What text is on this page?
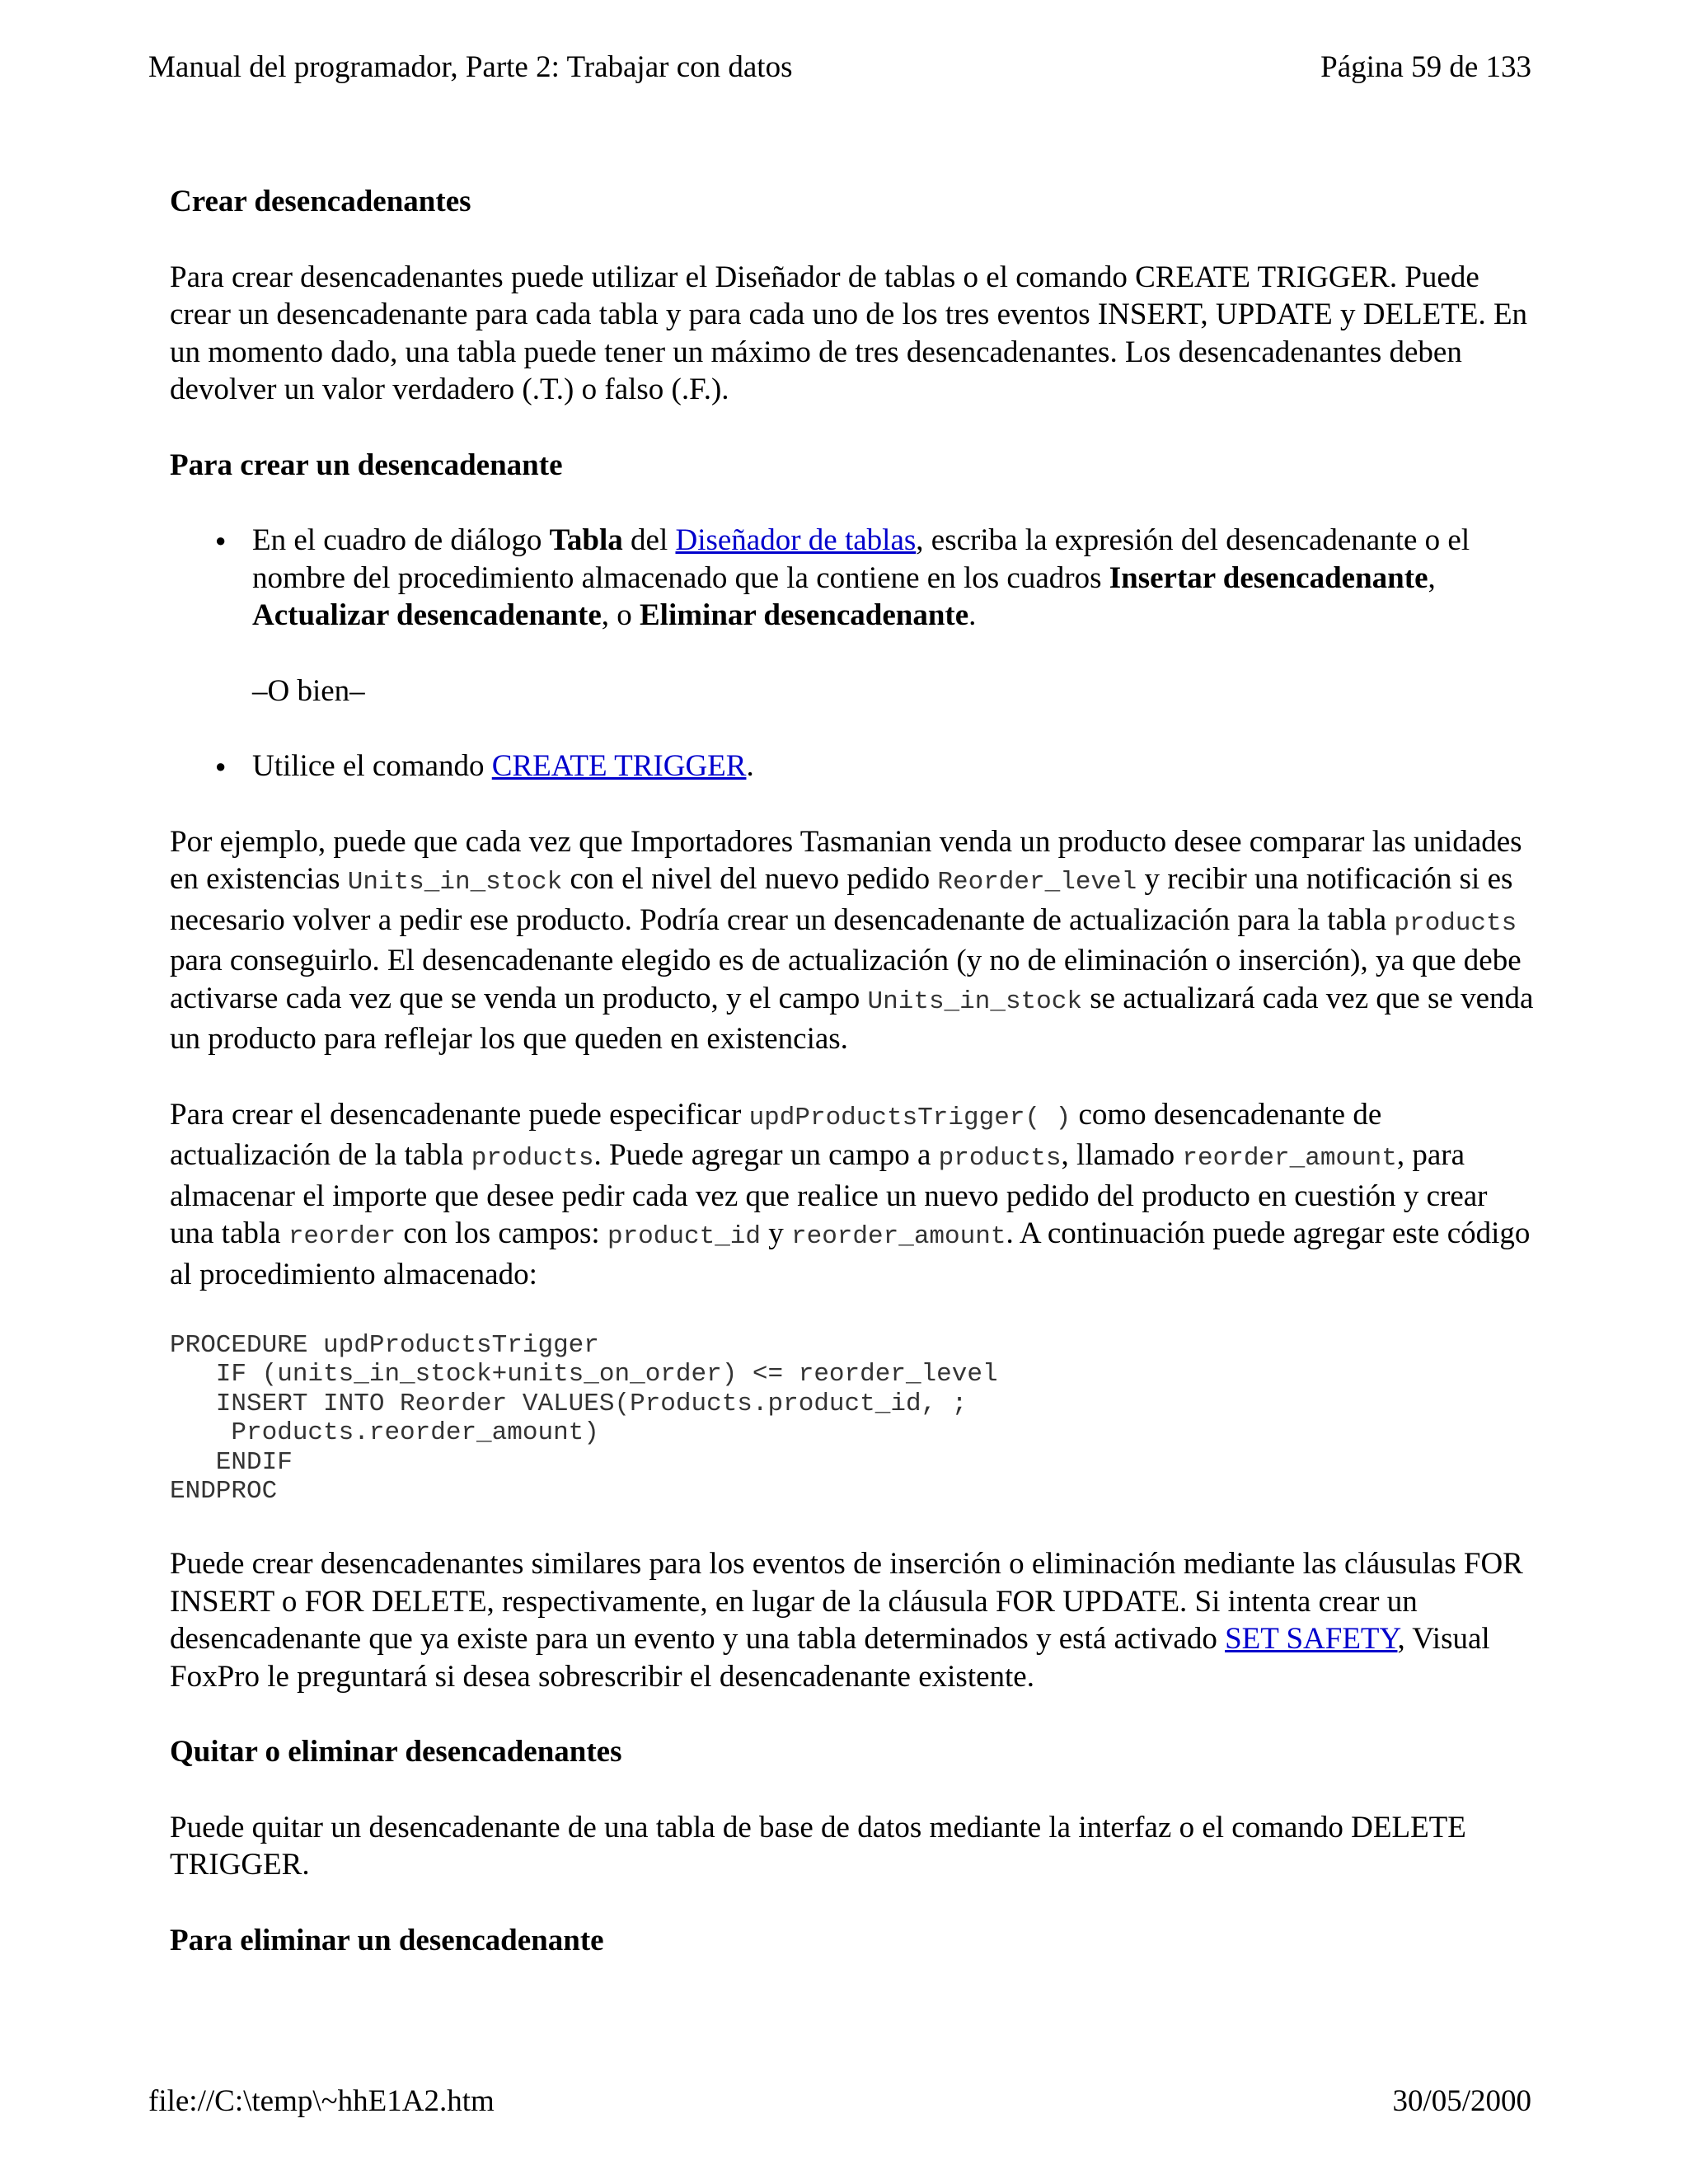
Manual del programador, Parte 2: Trabajar con datos	Página 59 de 133
Crear desencadenantes

Para crear desencadenantes puede utilizar el Diseñador de tablas o el comando CREATE TRIGGER. Puede crear un desencadenante para cada tabla y para cada uno de los tres eventos INSERT, UPDATE y DELETE. En un momento dado, una tabla puede tener un máximo de tres desencadenantes. Los desencadenantes deben devolver un valor verdadero (.T.) o falso (.F.).

Para crear un desencadenante
● En el cuadro de diálogo Tabla del Diseñador de tablas, escriba la expresión del desencadenante o el nombre del procedimiento almacenado que la contiene en los cuadros Insertar desencadenante, Actualizar desencadenante, o Eliminar desencadenante.
–O bien–
● Utilice el comando CREATE TRIGGER.

Por ejemplo, puede que cada vez que Importadores Tasmanian venda un producto desee comparar las unidades en existencias Units_in_stock con el nivel del nuevo pedido Reorder_level y recibir una notificación si es necesario volver a pedir ese producto. Podría crear un desencadenante de actualización para la tabla products para conseguirlo. El desencadenante elegido es de actualización (y no de eliminación o inserción), ya que debe activarse cada vez que se venda un producto, y el campo Units_in_stock se actualizará cada vez que se venda un producto para reflejar los que queden en existencias.

Para crear el desencadenante puede especificar updProductsTrigger( ) como desencadenante de actualización de la tabla products. Puede agregar un campo a products, llamado reorder_amount, para almacenar el importe que desee pedir cada vez que realice un nuevo pedido del producto en cuestión y crear una tabla reorder con los campos: product_id y reorder_amount. A continuación puede agregar este código al procedimiento almacenado:

PROCEDURE updProductsTrigger
IF (units_in_stock+units_on_order) <= reorder_level
INSERT INTO Reorder VALUES(Products.product_id, ;
Products.reorder_amount)
ENDIF
ENDPROC

Puede crear desencadenantes similares para los eventos de inserción o eliminación mediante las cláusulas FOR INSERT o FOR DELETE, respectivamente, en lugar de la cláusula FOR UPDATE. Si intenta crear un desencadenante que ya existe para un evento y una tabla determinados y está activado SET SAFETY, Visual FoxPro le preguntará si desea sobrescribir el desencadenante existente.

Quitar o eliminar desencadenantes

Puede quitar un desencadenante de una tabla de base de datos mediante la interfaz o el comando DELETE TRIGGER.

Para eliminar un desencadenante
file://C:\temp\~hhE1A2.htm	30/05/2000
